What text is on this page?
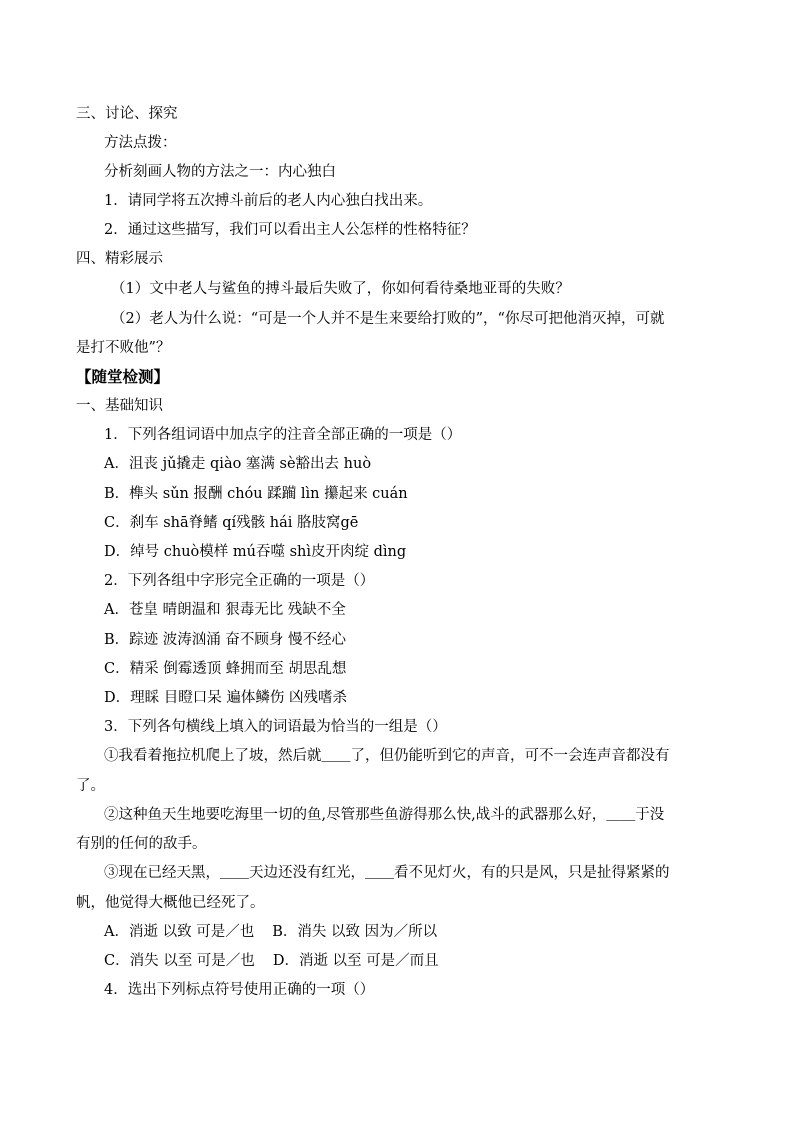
三、讨论、探究
方法点拨：
分析刻画人物的方法之一：内心独白
1．请同学将五次搏斗前后的老人内心独白找出来。
2．通过这些描写，我们可以看出主人公怎样的性格特征？
四、精彩展示
（1）文中老人与鲨鱼的搏斗最后失败了，你如何看待桑地亚哥的失败？
（2）老人为什么说：“可是一个人并不是生来要给打败的”，“你尽可把他消灭掉，可就
是打不败他”？
【随堂检测】
一、基础知识
1．下列各组词语中加点字的注音全部正确的一项是（）
A．沮丧 jǔ撬走 qiào 塞满 sè豁出去 huò
B．榫头 sǔn 报酬 chóu 蹂躏 lìn 攥起来 cuán
C．刹车 shā脊鳍 qí残骸 hái 胳肢窝gē
D．绰号 chuò模样 mú吞噬 shì皮开肉绽 dìng
2．下列各组中字形完全正确的一项是（）
A．苍皇 晴朗温和 狠毒无比 残缺不全
B．踪迹 波涛汹涌 奋不顾身 慢不经心
C．精采 倒霉透顶 蜂拥而至 胡思乱想
D．理睬 目瞪口呆 遍体鳞伤 凶残嗜杀
3．下列各句横线上填入的词语最为恰当的一组是（）
①我看着拖拉机爬上了坡，然后就＿＿了，但仍能听到它的声音，可不一会连声音都没有
了。
②这种鱼天生地要吃海里一切的鱼,尽管那些鱼游得那么快,战斗的武器那么好，＿＿于没
有别的任何的敌手。
③现在已经天黑，＿＿天边还没有红光，＿＿看不见灯火，有的只是风，只是扯得紧紧的
帆，他觉得大概他已经死了。
A．消逝 以致 可是／也 B．消失 以致 因为／所以
C．消失 以至 可是／也 D．消逝 以至 可是／而且
4．选出下列标点符号使用正确的一项（）
